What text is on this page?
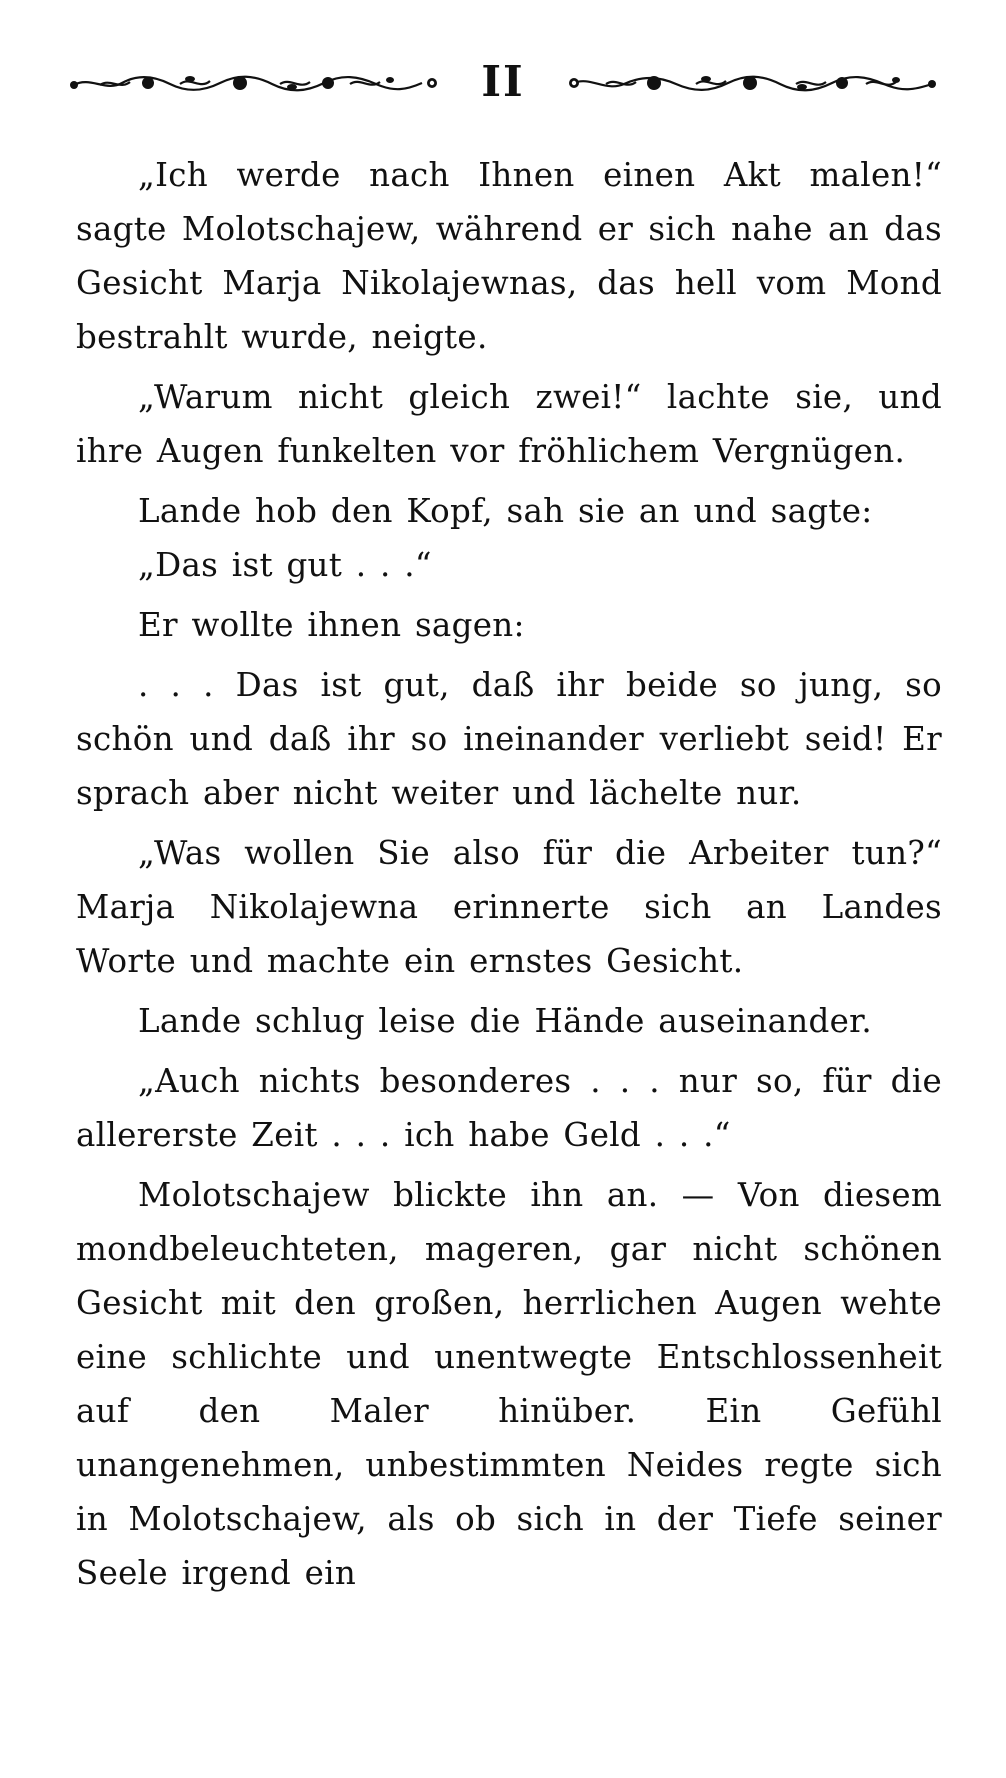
II

„Ich werde nach Ihnen einen Akt malen!“ sagte Molotschajew, während er sich nahe an das Gesicht Marja Nikolajewnas, das hell vom Mond bestrahlt wurde, neigte.

„Warum nicht gleich zwei!“ lachte sie, und ihre Augen funkelten vor fröhlichem Vergnügen.

Lande hob den Kopf, sah sie an und sagte:

„Das ist gut . . .“

Er wollte ihnen sagen:

. . . Das ist gut, daß ihr beide so jung, so schön und daß ihr so ineinander verliebt seid! Er sprach aber nicht weiter und lächelte nur.

„Was wollen Sie also für die Arbeiter tun?“ Marja Nikolajewna erinnerte sich an Landes Worte und machte ein ernstes Gesicht.

Lande schlug leise die Hände auseinander.

„Auch nichts besonderes . . . nur so, für die allererste Zeit . . . ich habe Geld . . .“

Molotschajew blickte ihn an. — Von diesem mondbeleuchteten, mageren, gar nicht schönen Gesicht mit den großen, herrlichen Augen wehte eine schlichte und unentwegte Entschlossenheit auf den Maler hinüber. Ein Gefühl unangenehmen, unbestimmten Neides regte sich in Molotschajew, als ob sich in der Tiefe seiner Seele irgend ein
